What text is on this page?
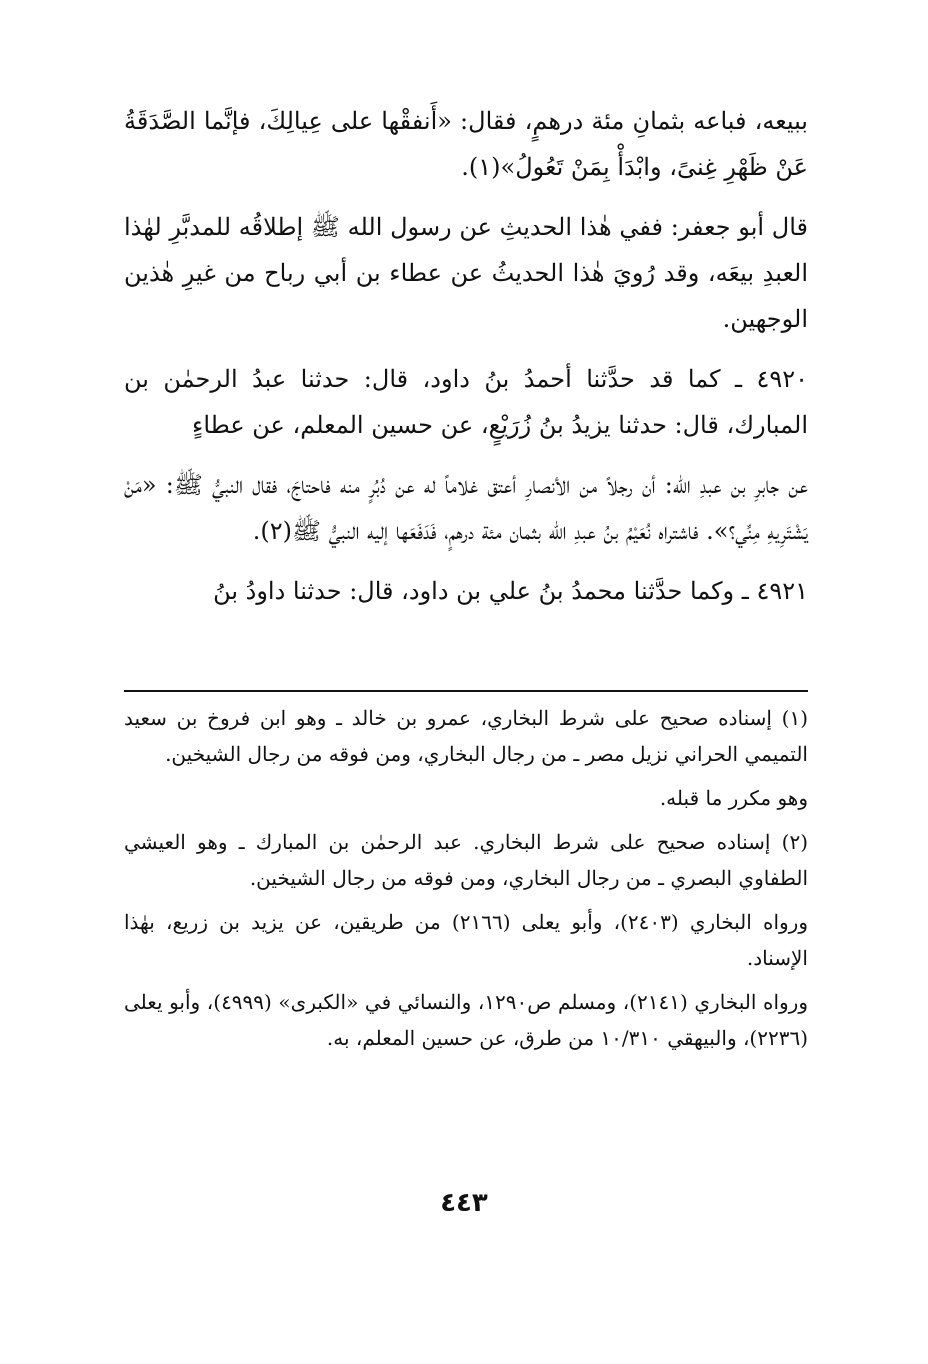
ببيعه، فباعه بثمانِ مئة درهمٍ، فقال: «أَنفقْها على عِيالِكَ، فإنَّما الصَّدَقَةُ عَنْ ظَهْرِ غِنىً، وابْدَأْ بِمَنْ تَعُولُ»(١).

قال أبو جعفر: ففي هٰذا الحديثِ عن رسول الله ﷺ إطلاقُه للمدبَّرِ لهٰذا العبدِ بيعَه، وقد رُويَ هٰذا الحديثُ عن عطاء بن أبي رباح من غيرِ هٰذين الوجهين.

٤٩٢٠ ـ كما قد حدَّثنا أحمدُ بنُ داود، قال: حدثنا عبدُ الرحمٰن بن المبارك، قال: حدثنا يزيدُ بنُ زُرَيْعٍ، عن حسين المعلم، عن عطاءٍ

عن جابرِ بن عبدِ الله: أن رجلاً من الأنصارِ أعتق غلاماً له عن دُبُرٍ منه فاحتاجَ، فقال النبيُّ ﷺ: «مَنْ يَشْتَرِيهِ مِنِّي؟». فاشتراه نُعَيْمُ بنُ عبدِ الله بثمان مئة درهمٍ، فَدَفَعَها إليه النبيُّ ﷺ(٢).

٤٩٢١ ـ وكما حدَّثنا محمدُ بنُ علي بن داود، قال: حدثنا داودُ بنُ

(١) إسناده صحيح على شرط البخاري، عمرو بن خالد ـ وهو ابن فروخ بن سعيد التميمي الحراني نزيل مصر ـ من رجال البخاري، ومن فوقه من رجال الشيخين.

وهو مكرر ما قبله.

(٢) إسناده صحيح على شرط البخاري. عبد الرحمٰن بن المبارك ـ وهو العيشي الطفاوي البصري ـ من رجال البخاري، ومن فوقه من رجال الشيخين.

ورواه البخاري (٢٤٠٣)، وأبو يعلى (٢١٦٦) من طريقين، عن يزيد بن زريع، بهٰذا الإسناد.

ورواه البخاري (٢١٤١)، ومسلم ص١٢٩٠، والنسائي في «الكبرى» (٤٩٩٩)، وأبو يعلى (٢٢٣٦)، والبيهقي ١٠/٣١٠ من طرق، عن حسين المعلم، به.

٤٤٣
